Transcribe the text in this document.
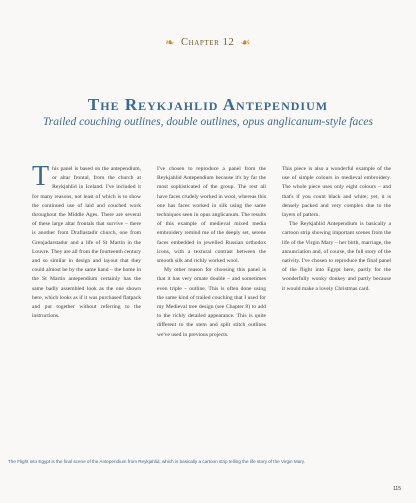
❧ Chapter 12 ☙
The Reykjahlid Antependium

Trailed couching outlines, double outlines, opus anglicanum-style faces

This panel is based on the antependium, or altar frontal, from the church at Reykjahlid in Iceland. I've included it for many reasons, not least of which is to show the continued use of laid and couched work throughout the Middle Ages. There are several of these large altar frontals that survive – there is another from Draflastadir church, one from Grenjadarstadur and a life of St Martin in the Louvre. They are all from the fourteenth century and so similar in design and layout that they could almost be by the same hand – the home in the St Martin antependium certainly has the same badly assembled look as the one shown here, which looks as if it was purchased flatpack and put together without referring to the instructions.

I've chosen to reproduce a panel from the Reykjahlid Antependium because it's by far the most sophisticated of the group. The rest all have faces crudely worked in wool, whereas this one has faces worked in silk using the same techniques seen in opus anglicanum. The results of this example of medieval mixed media embroidery remind me of the deeply set, serene faces embedded in jewelled Russian orthodox icons, with a textural contrast between the smooth silk and richly worked wool.

My other reason for choosing this panel is that it has very ornate double – and sometimes even triple – outline. This is often done using the same kind of trailed couching that I used for my Medieval tree design (see Chapter 8) to add to the richly detailed appearance. This is quite different to the stem and split stitch outlines we've used in previous projects.

This piece is also a wonderful example of the use of simple colours in medieval embroidery. The whole piece uses only eight colours – and that's if you count black and white; yet, it is densely packed and very complex due to the layers of pattern.

The Reykjahlid Antependium is basically a cartoon strip showing important scenes from the life of the Virgin Mary – her birth, marriage, the annunciation and, of course, the full story of the nativity. I've chosen to reproduce the final panel of the flight into Egypt here, partly for the wonderfully wonky donkey and partly because it would make a lovely Christmas card.

The Flight into Egypt is the final scene of the Antependium from Reykjahlid, which is basically a cartoon strip telling the life story of the Virgin Mary.

115
